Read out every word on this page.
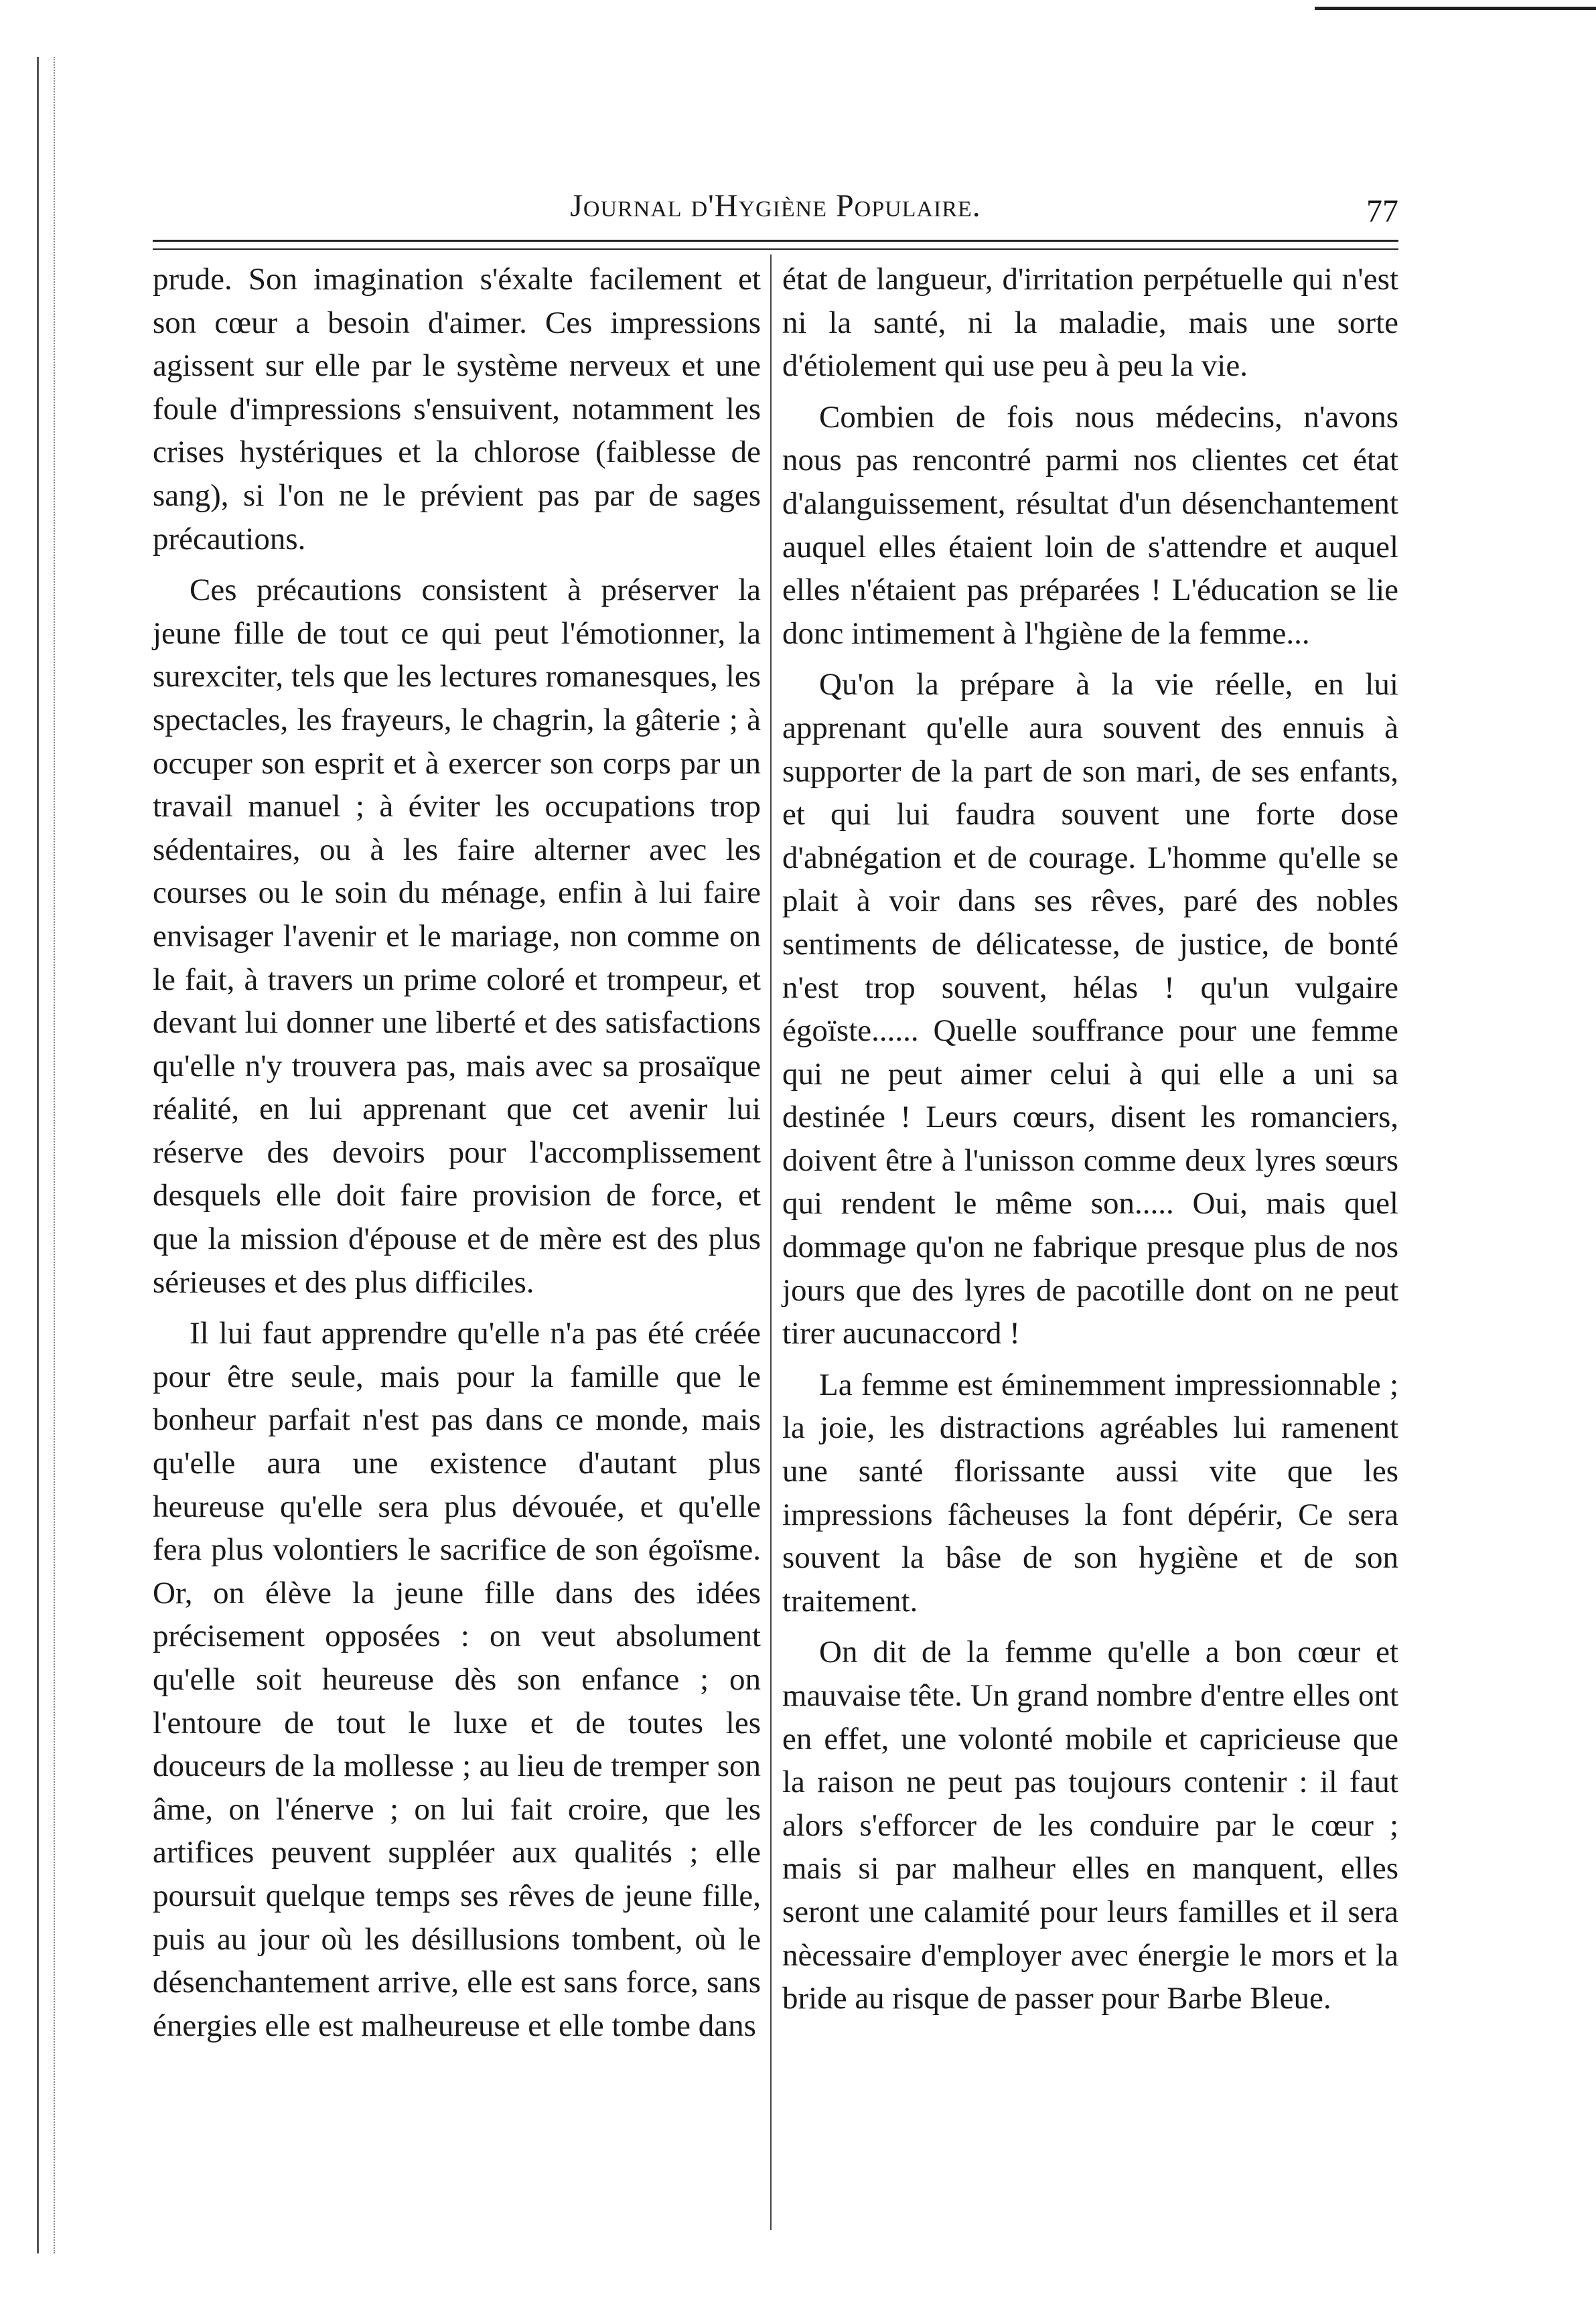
Journal d'Hygiène Populaire.	77

prude. Son imagination s'éxalte facilement et son cœur a besoin d'aimer. Ces impressions agissent sur elle par le système nerveux et une foule d'impressions s'ensuivent, notamment les crises hystériques et la chlorose (faiblesse de sang), si l'on ne le prévient pas par de sages précautions.

Ces précautions consistent à préserver la jeune fille de tout ce qui peut l'émotionner, la surexciter, tels que les lectures romanesques, les spectacles, les frayeurs, le chagrin, la gâterie ; à occuper son esprit et à exercer son corps par un travail manuel ; à éviter les occupations trop sédentaires, ou à les faire alterner avec les courses ou le soin du ménage, enfin à lui faire envisager l'avenir et le mariage, non comme on le fait, à travers un prime coloré et trompeur, et devant lui donner une liberté et des satisfactions qu'elle n'y trouvera pas, mais avec sa prosaïque réalité, en lui apprenant que cet avenir lui réserve des devoirs pour l'accomplissement desquels elle doit faire provision de force, et que la mission d'épouse et de mère est des plus sérieuses et des plus difficiles.

Il lui faut apprendre qu'elle n'a pas été créée pour être seule, mais pour la famille que le bonheur parfait n'est pas dans ce monde, mais qu'elle aura une existence d'autant plus heureuse qu'elle sera plus dévouée, et qu'elle fera plus volontiers le sacrifice de son égoïsme. Or, on élève la jeune fille dans des idées précisement opposées : on veut absolument qu'elle soit heureuse dès son enfance ; on l'entoure de tout le luxe et de toutes les douceurs de la mollesse ; au lieu de tremper son âme, on l'énerve ; on lui fait croire, que les artifices peuvent suppléer aux qualités ; elle poursuit quelque temps ses rêves de jeune fille, puis au jour où les désillusions tombent, où le désenchantement arrive, elle est sans force, sans énergies elle est malheureuse et elle tombe dans

état de langueur, d'irritation perpétuelle qui n'est ni la santé, ni la maladie, mais une sorte d'étiolement qui use peu à peu la vie.

Combien de fois nous médecins, n'avons nous pas rencontré parmi nos clientes cet état d'alanguissement, résultat d'un désenchantement auquel elles étaient loin de s'attendre et auquel elles n'étaient pas préparées ! L'éducation se lie donc intimement à l'hgiène de la femme...

Qu'on la prépare à la vie réelle, en lui apprenant qu'elle aura souvent des ennuis à supporter de la part de son mari, de ses enfants, et qui lui faudra souvent une forte dose d'abnégation et de courage. L'homme qu'elle se plait à voir dans ses rêves, paré des nobles sentiments de délicatesse, de justice, de bonté n'est trop souvent, hélas ! qu'un vulgaire égoïste...... Quelle souffrance pour une femme qui ne peut aimer celui à qui elle a uni sa destinée ! Leurs cœurs, disent les romanciers, doivent être à l'unisson comme deux lyres sœurs qui rendent le même son..... Oui, mais quel dommage qu'on ne fabrique presque plus de nos jours que des lyres de pacotille dont on ne peut tirer aucunaccord !

La femme est éminemment impressionnable ; la joie, les distractions agréables lui ramenent une santé florissante aussi vite que les impressions fâcheuses la font dépérir, Ce sera souvent la bâse de son hygiène et de son traitement.

On dit de la femme qu'elle a bon cœur et mauvaise tête. Un grand nombre d'entre elles ont en effet, une volonté mobile et capricieuse que la raison ne peut pas toujours contenir : il faut alors s'efforcer de les conduire par le cœur ; mais si par malheur elles en manquent, elles seront une calamité pour leurs familles et il sera nècessaire d'employer avec énergie le mors et la bride au risque de passer pour Barbe Bleue.
